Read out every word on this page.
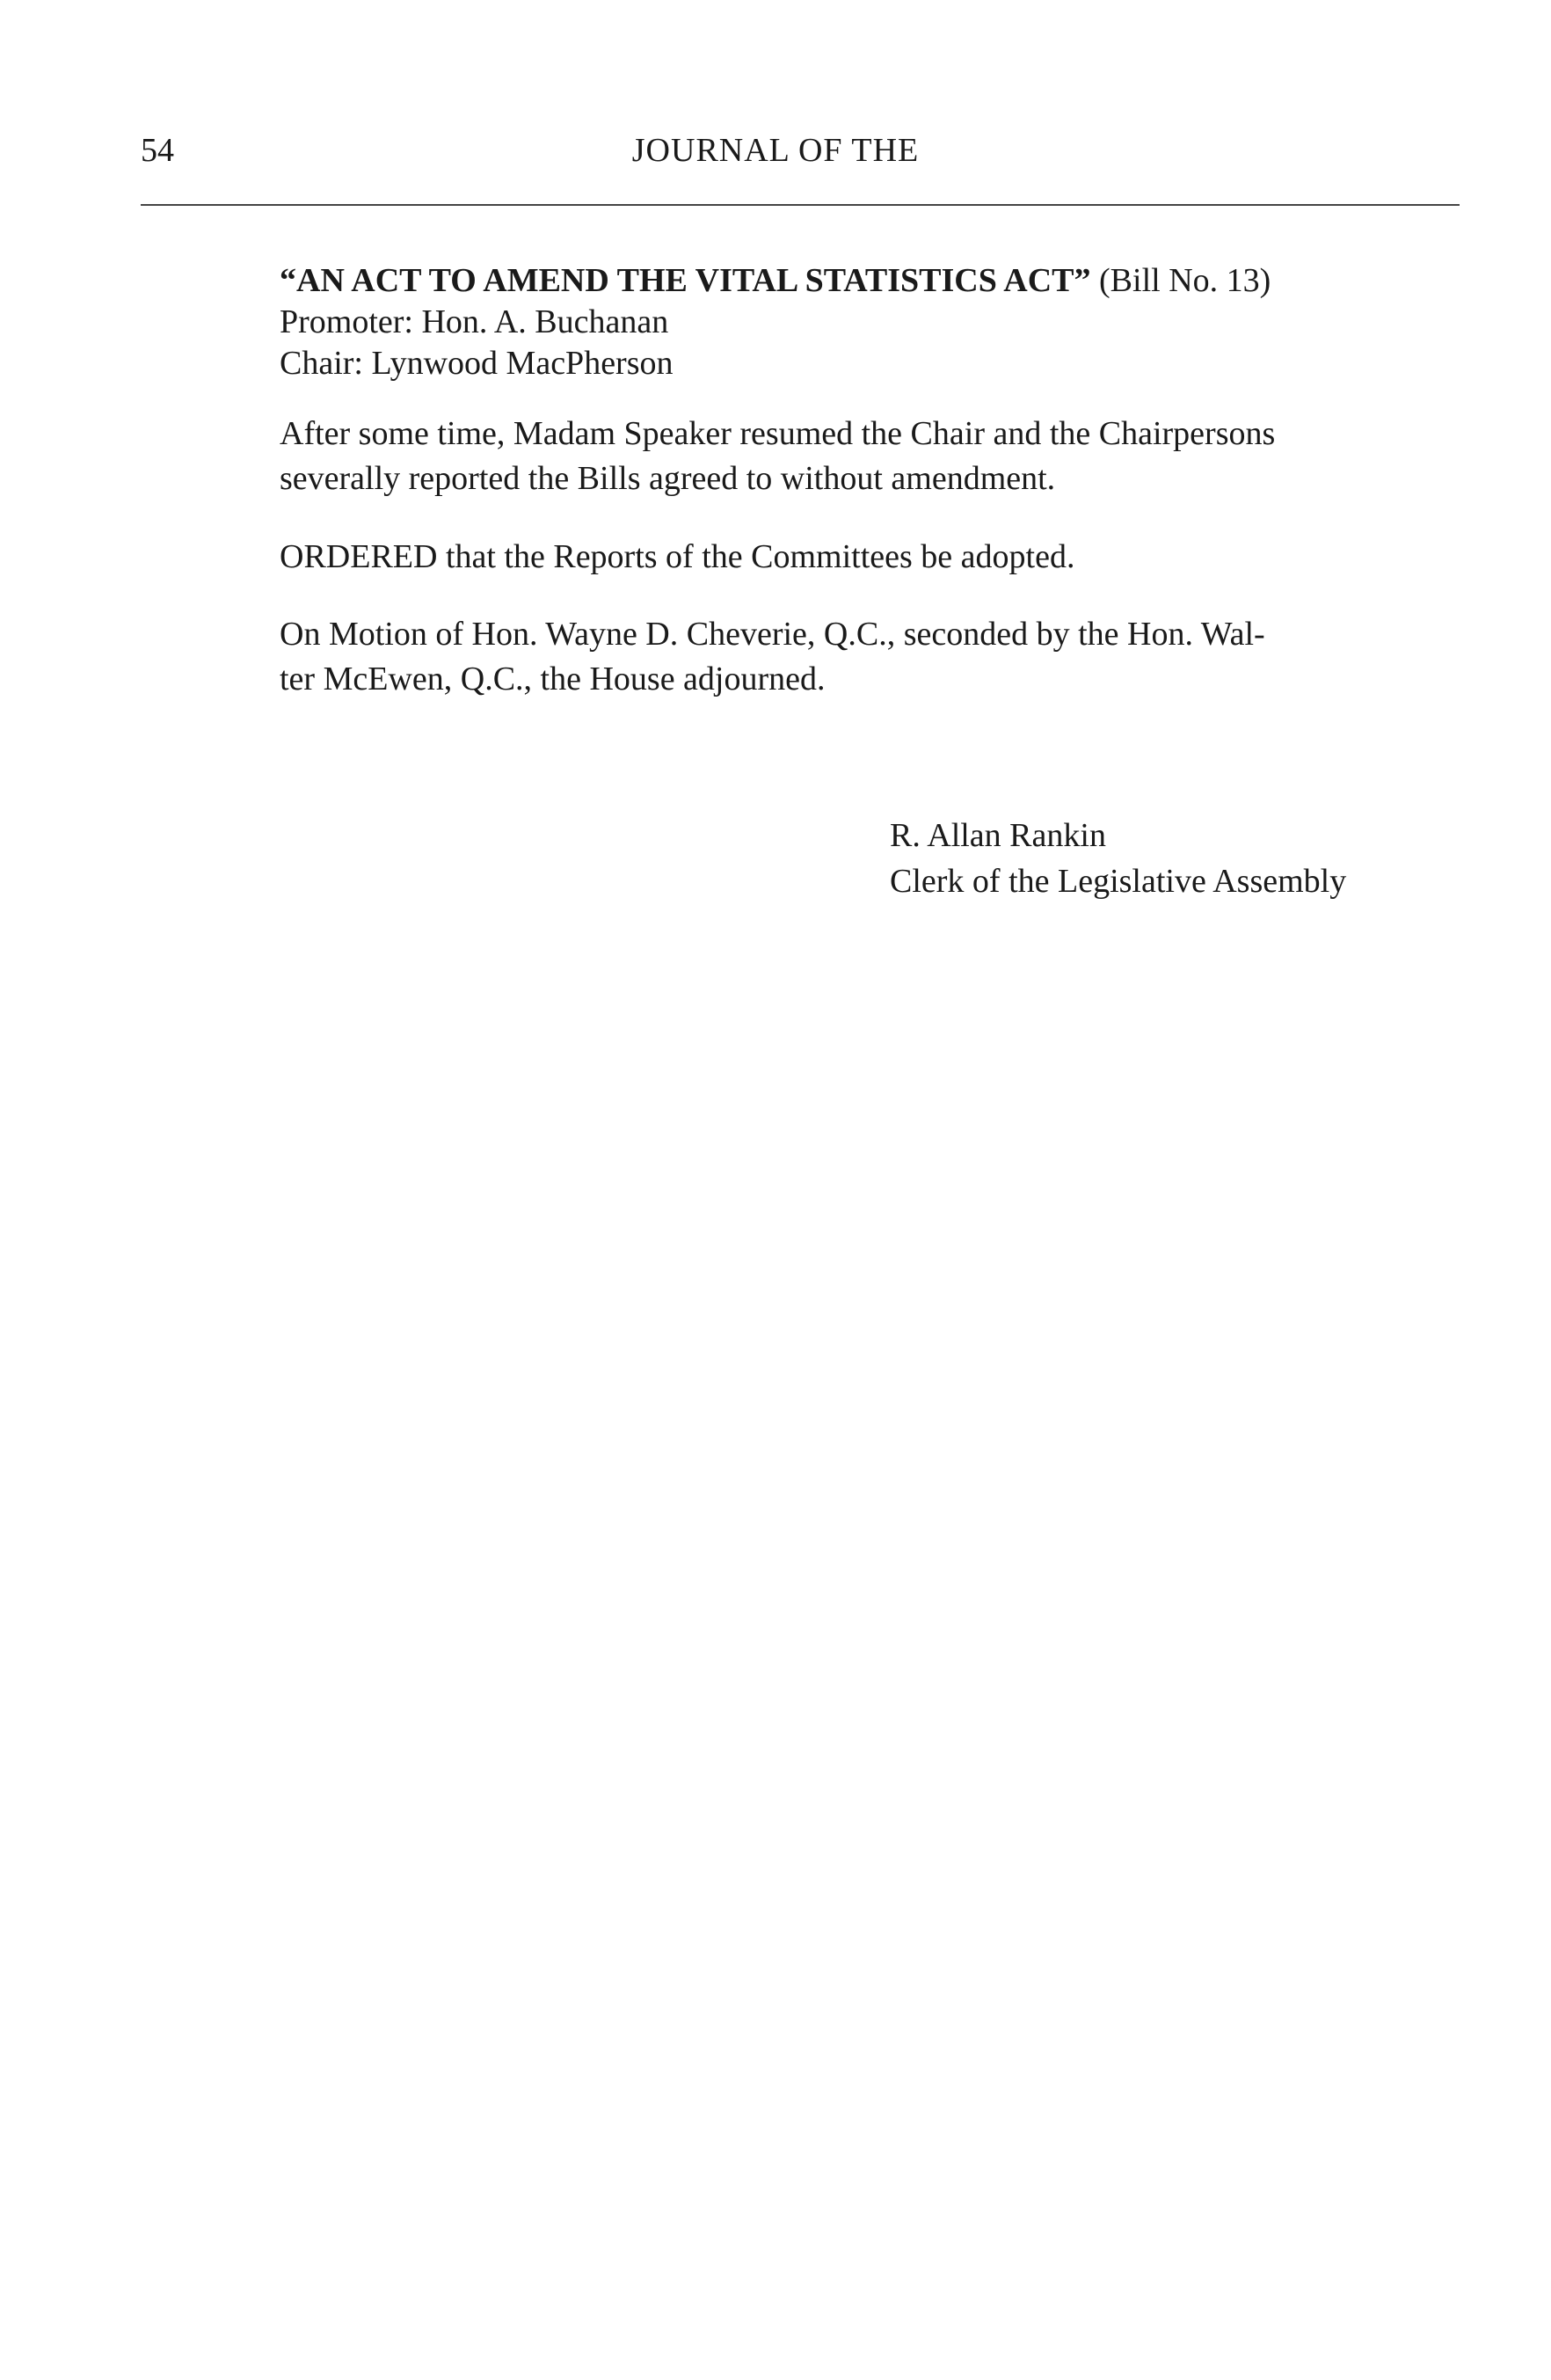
54	JOURNAL OF THE
“AN ACT TO AMEND THE VITAL STATISTICS ACT” (Bill No. 13)
Promoter: Hon. A. Buchanan
Chair: Lynwood MacPherson
After some time, Madam Speaker resumed the Chair and the Chairpersons
severally reported the Bills agreed to without amendment.
ORDERED that the Reports of the Committees be adopted.
On Motion of Hon. Wayne D. Cheverie, Q.C., seconded by the Hon. Wal-
ter McEwen, Q.C., the House adjourned.
R. Allan Rankin
Clerk of the Legislative Assembly
